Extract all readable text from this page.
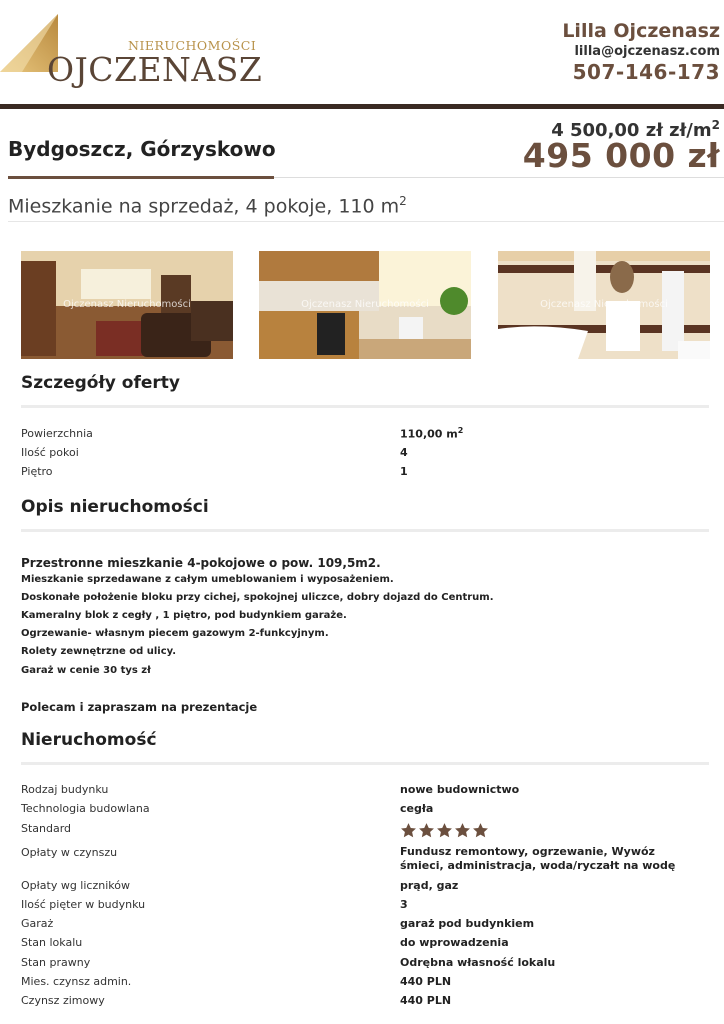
NIERUCHOMOŚCI
OJCZENASZ
Lilla Ojczenasz
lilla@ojczenasz.com
507-146-173
4 500,00 zł $zł/m^2$
495 000 zł
Bydgoszcz, Górzyskowo
Mieszkanie na sprzedaż, 4 pokoje, 110 $m^2$
Ojczenasz Nieruchomości	Ojczenasz Nieruchomości	Ojczenasz Nieruchomości
Szczegóły oferty
Powierzchnia	110,00 $m^2$
Ilość pokoi	4
Piętro	1
Opis nieruchomości
Przestronne mieszkanie 4-pokojowe o pow. 109,5m2.
Mieszkanie sprzedawane z całym umeblowaniem i wyposażeniem.
Doskonałe położenie bloku przy cichej, spokojnej uliczce, dobry dojazd do Centrum.
Kameralny blok z cegły , 1 piętro, pod budynkiem garaże.
Ogrzewanie- własnym piecem gazowym 2-funkcyjnym.
Rolety zewnętrzne od ulicy.
Garaż w cenie 30 tys zł
Polecam i zapraszam na prezentacje
Nieruchomość
Rodzaj budynku	nowe budownictwo
Technologia budowlana	cegła
Standard
Opłaty w czynszu	Fundusz remontowy, ogrzewanie, Wywóz śmieci, administracja, woda/ryczałt na wodę
Opłaty wg liczników	prąd, gaz
Ilość pięter w budynku	3
Garaż	garaż pod budynkiem
Stan lokalu	do wprowadzenia
Stan prawny	Odrębna własność lokalu
Mies. czynsz admin.	440 PLN
Czynsz zimowy	440 PLN
